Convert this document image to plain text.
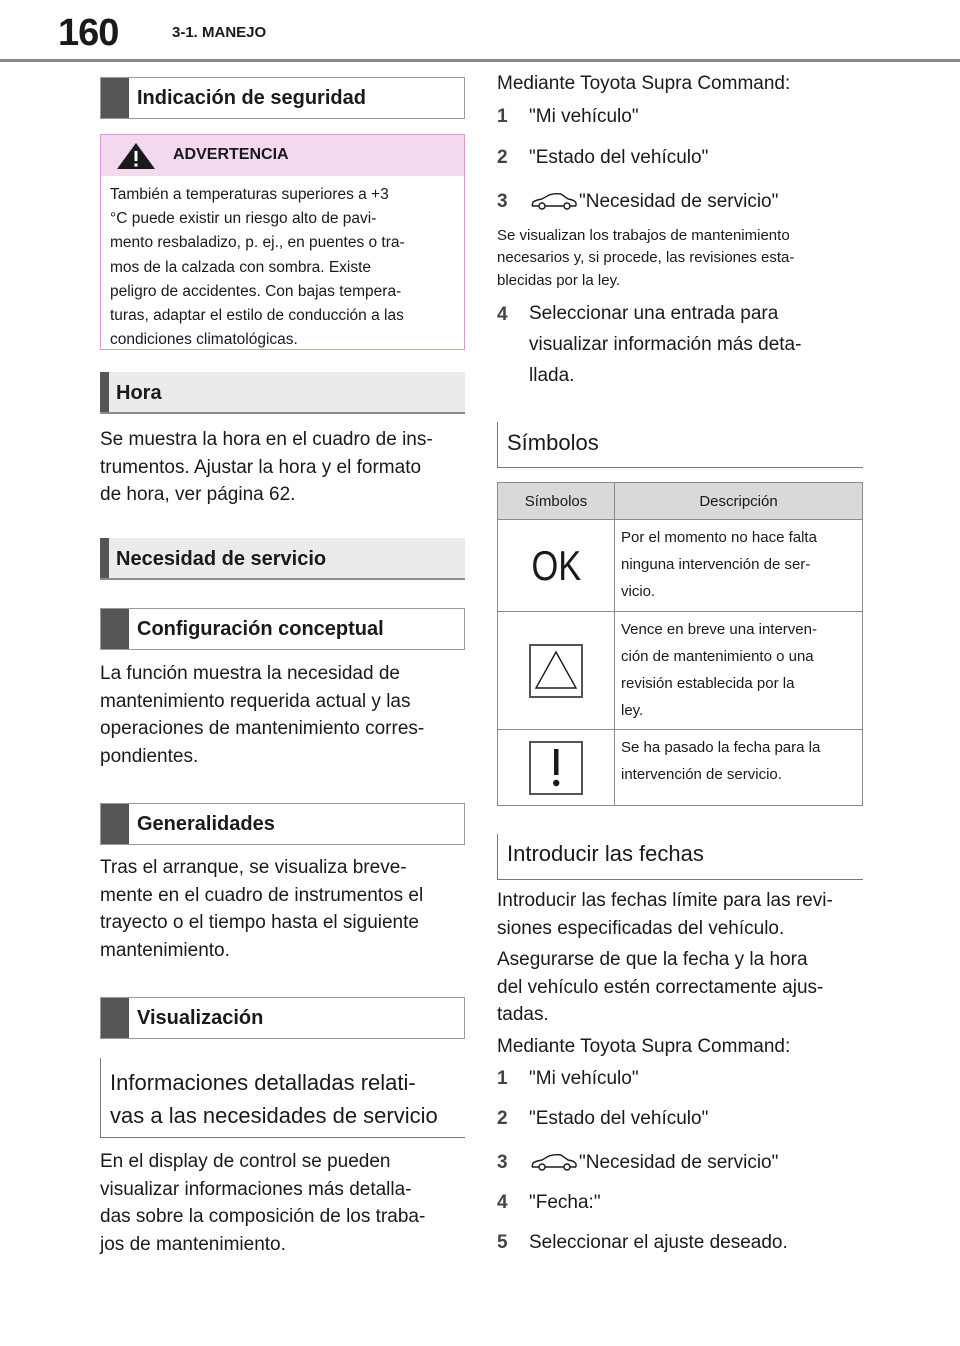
160	3-1. MANEJO
Indicación de seguridad
ADVERTENCIA
También a temperaturas superiores a +3
°C puede existir un riesgo alto de pavi-
mento resbaladizo, p. ej., en puentes o tra-
mos de la calzada con sombra. Existe
peligro de accidentes. Con bajas tempera-
turas, adaptar el estilo de conducción a las
condiciones climatológicas.
Hora
Se muestra la hora en el cuadro de ins-
trumentos. Ajustar la hora y el formato
de hora, ver página 62.
Necesidad de servicio
Configuración conceptual
La función muestra la necesidad de
mantenimiento requerida actual y las
operaciones de mantenimiento corres-
pondientes.
Generalidades
Tras el arranque, se visualiza breve-
mente en el cuadro de instrumentos el
trayecto o el tiempo hasta el siguiente
mantenimiento.
Visualización
Informaciones detalladas relati-
vas a las necesidades de servicio
En el display de control se pueden
visualizar informaciones más detalla-
das sobre la composición de los traba-
jos de mantenimiento.
Mediante Toyota Supra Command:
1 "Mi vehículo"
2 "Estado del vehículo"
3	"Necesidad de servicio"
Se visualizan los trabajos de mantenimiento
necesarios y, si procede, las revisiones esta-
blecidas por la ley.
4 Seleccionar una entrada para
visualizar información más deta-
llada.
Símbolos
Símbolos	Descripción
OK	Por el momento no hace falta
ninguna intervención de ser-
vicio.

	Vence en breve una interven-
ción de mantenimiento o una
revisión establecida por la
ley.

	Se ha pasado la fecha para la
intervención de servicio.
Introducir las fechas
Introducir las fechas límite para las revi-
siones especificadas del vehículo.
Asegurarse de que la fecha y la hora
del vehículo estén correctamente ajus-
tadas.
Mediante Toyota Supra Command:
1 "Mi vehículo"
2 "Estado del vehículo"
3	"Necesidad de servicio"
4 "Fecha:"
5 Seleccionar el ajuste deseado.
